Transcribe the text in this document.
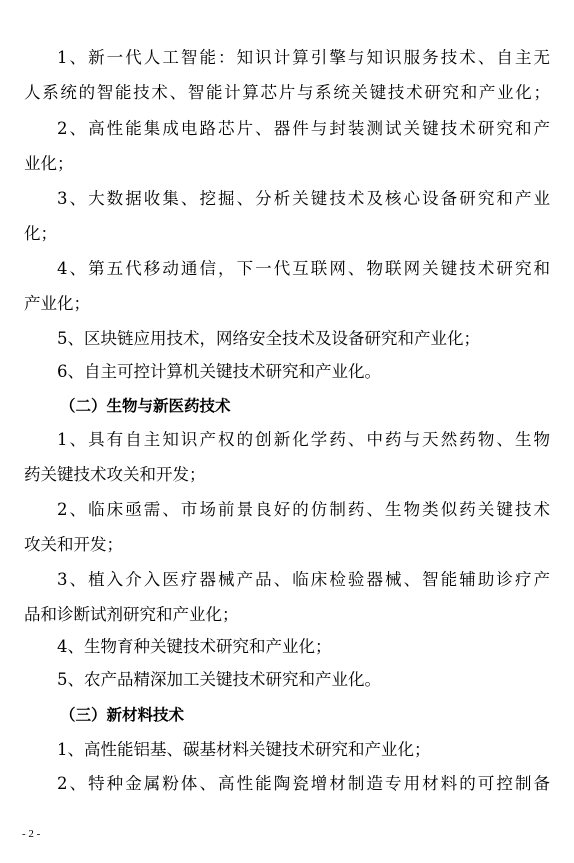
1、新一代人工智能：知识计算引擎与知识服务技术、自主无
人系统的智能技术、智能计算芯片与系统关键技术研究和产业化；
2、高性能集成电路芯片、器件与封装测试关键技术研究和产
业化；
3、大数据收集、挖掘、分析关键技术及核心设备研究和产业
化；
4、第五代移动通信，下一代互联网、物联网关键技术研究和
产业化；
5、区块链应用技术，网络安全技术及设备研究和产业化；
6、自主可控计算机关键技术研究和产业化。
（二）生物与新医药技术
1、具有自主知识产权的创新化学药、中药与天然药物、生物
药关键技术攻关和开发；
2、临床亟需、市场前景良好的仿制药、生物类似药关键技术
攻关和开发；
3、植入介入医疗器械产品、临床检验器械、智能辅助诊疗产
品和诊断试剂研究和产业化；
4、生物育种关键技术研究和产业化；
5、农产品精深加工关键技术研究和产业化。
（三）新材料技术
1、高性能铝基、碳基材料关键技术研究和产业化；
2、特种金属粉体、高性能陶瓷增材制造专用材料的可控制备
- 2 -
